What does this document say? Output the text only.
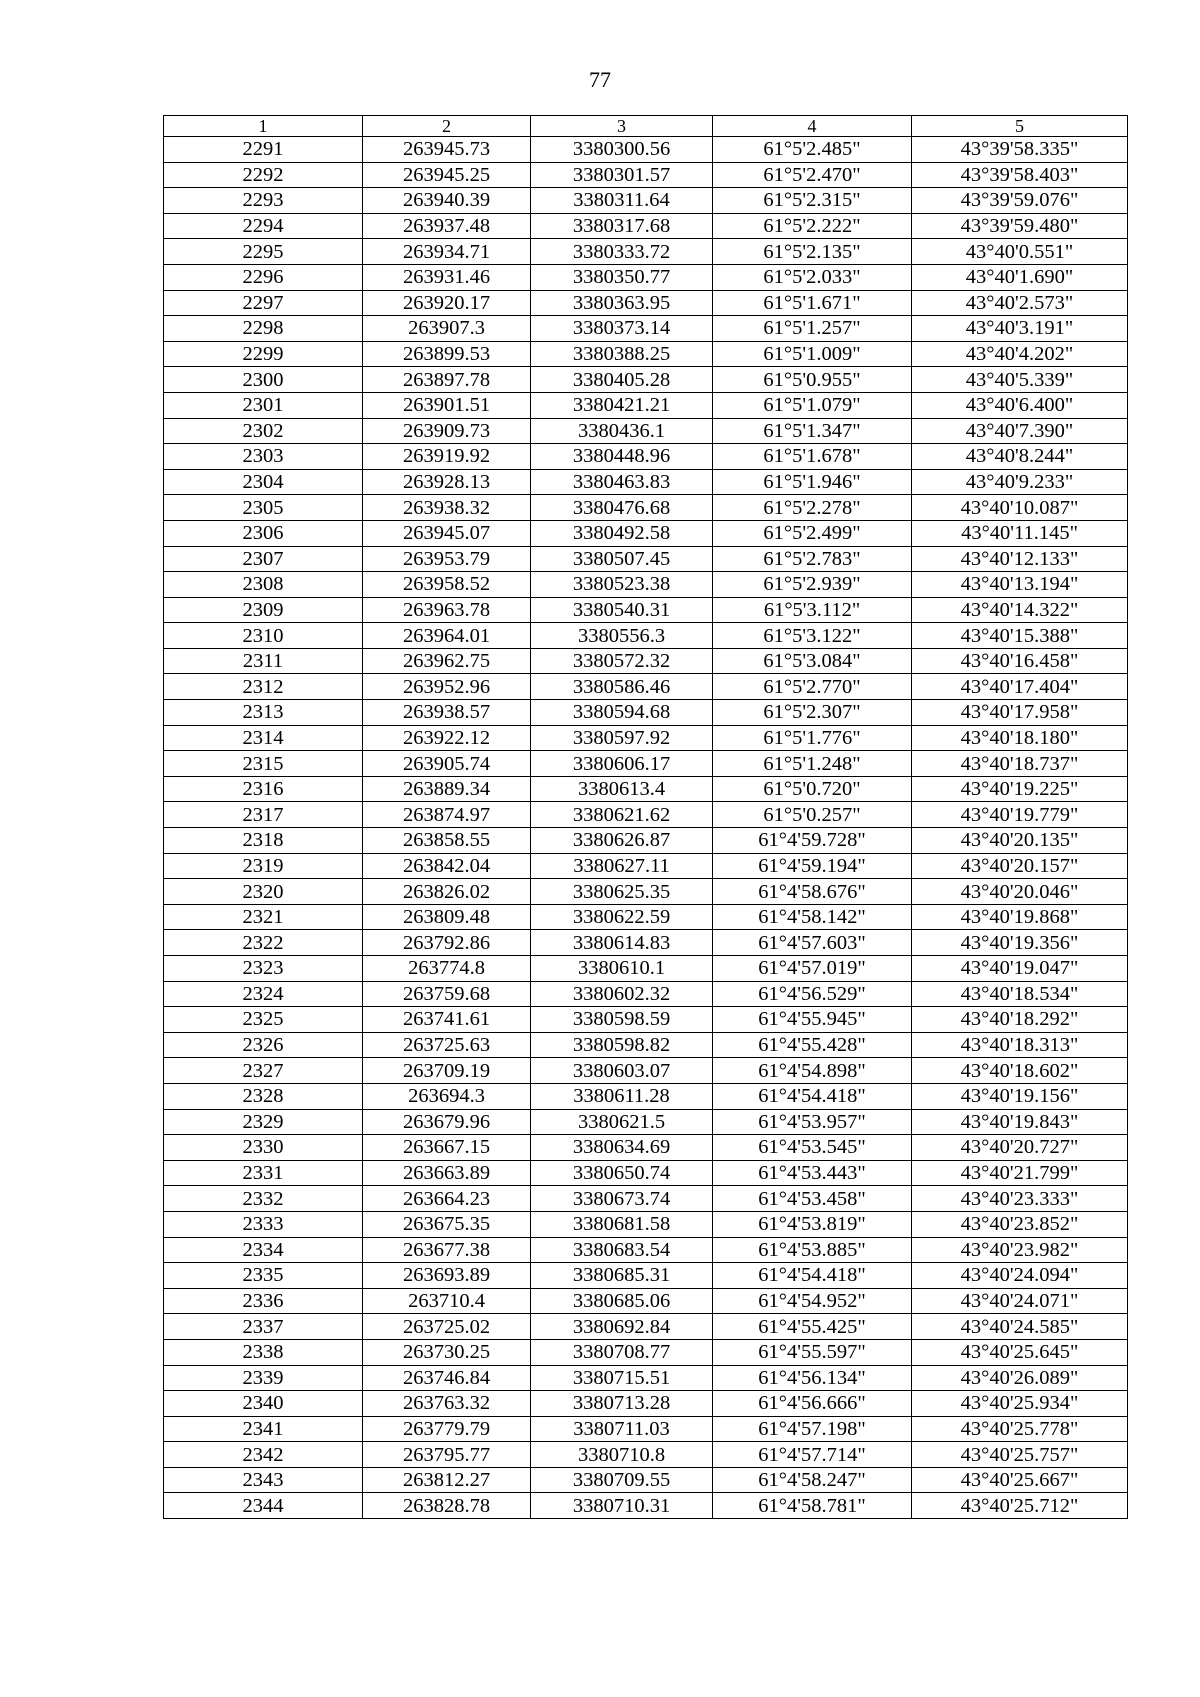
77
1	2	3	4	5
2291	263945.73	3380300.56	61°5'2.485"	43°39'58.335"
2292	263945.25	3380301.57	61°5'2.470"	43°39'58.403"
2293	263940.39	3380311.64	61°5'2.315"	43°39'59.076"
2294	263937.48	3380317.68	61°5'2.222"	43°39'59.480"
2295	263934.71	3380333.72	61°5'2.135"	43°40'0.551"
2296	263931.46	3380350.77	61°5'2.033"	43°40'1.690"
2297	263920.17	3380363.95	61°5'1.671"	43°40'2.573"
2298	263907.3	3380373.14	61°5'1.257"	43°40'3.191"
2299	263899.53	3380388.25	61°5'1.009"	43°40'4.202"
2300	263897.78	3380405.28	61°5'0.955"	43°40'5.339"
2301	263901.51	3380421.21	61°5'1.079"	43°40'6.400"
2302	263909.73	3380436.1	61°5'1.347"	43°40'7.390"
2303	263919.92	3380448.96	61°5'1.678"	43°40'8.244"
2304	263928.13	3380463.83	61°5'1.946"	43°40'9.233"
2305	263938.32	3380476.68	61°5'2.278"	43°40'10.087"
2306	263945.07	3380492.58	61°5'2.499"	43°40'11.145"
2307	263953.79	3380507.45	61°5'2.783"	43°40'12.133"
2308	263958.52	3380523.38	61°5'2.939"	43°40'13.194"
2309	263963.78	3380540.31	61°5'3.112"	43°40'14.322"
2310	263964.01	3380556.3	61°5'3.122"	43°40'15.388"
2311	263962.75	3380572.32	61°5'3.084"	43°40'16.458"
2312	263952.96	3380586.46	61°5'2.770"	43°40'17.404"
2313	263938.57	3380594.68	61°5'2.307"	43°40'17.958"
2314	263922.12	3380597.92	61°5'1.776"	43°40'18.180"
2315	263905.74	3380606.17	61°5'1.248"	43°40'18.737"
2316	263889.34	3380613.4	61°5'0.720"	43°40'19.225"
2317	263874.97	3380621.62	61°5'0.257"	43°40'19.779"
2318	263858.55	3380626.87	61°4'59.728"	43°40'20.135"
2319	263842.04	3380627.11	61°4'59.194"	43°40'20.157"
2320	263826.02	3380625.35	61°4'58.676"	43°40'20.046"
2321	263809.48	3380622.59	61°4'58.142"	43°40'19.868"
2322	263792.86	3380614.83	61°4'57.603"	43°40'19.356"
2323	263774.8	3380610.1	61°4'57.019"	43°40'19.047"
2324	263759.68	3380602.32	61°4'56.529"	43°40'18.534"
2325	263741.61	3380598.59	61°4'55.945"	43°40'18.292"
2326	263725.63	3380598.82	61°4'55.428"	43°40'18.313"
2327	263709.19	3380603.07	61°4'54.898"	43°40'18.602"
2328	263694.3	3380611.28	61°4'54.418"	43°40'19.156"
2329	263679.96	3380621.5	61°4'53.957"	43°40'19.843"
2330	263667.15	3380634.69	61°4'53.545"	43°40'20.727"
2331	263663.89	3380650.74	61°4'53.443"	43°40'21.799"
2332	263664.23	3380673.74	61°4'53.458"	43°40'23.333"
2333	263675.35	3380681.58	61°4'53.819"	43°40'23.852"
2334	263677.38	3380683.54	61°4'53.885"	43°40'23.982"
2335	263693.89	3380685.31	61°4'54.418"	43°40'24.094"
2336	263710.4	3380685.06	61°4'54.952"	43°40'24.071"
2337	263725.02	3380692.84	61°4'55.425"	43°40'24.585"
2338	263730.25	3380708.77	61°4'55.597"	43°40'25.645"
2339	263746.84	3380715.51	61°4'56.134"	43°40'26.089"
2340	263763.32	3380713.28	61°4'56.666"	43°40'25.934"
2341	263779.79	3380711.03	61°4'57.198"	43°40'25.778"
2342	263795.77	3380710.8	61°4'57.714"	43°40'25.757"
2343	263812.27	3380709.55	61°4'58.247"	43°40'25.667"
2344	263828.78	3380710.31	61°4'58.781"	43°40'25.712"
